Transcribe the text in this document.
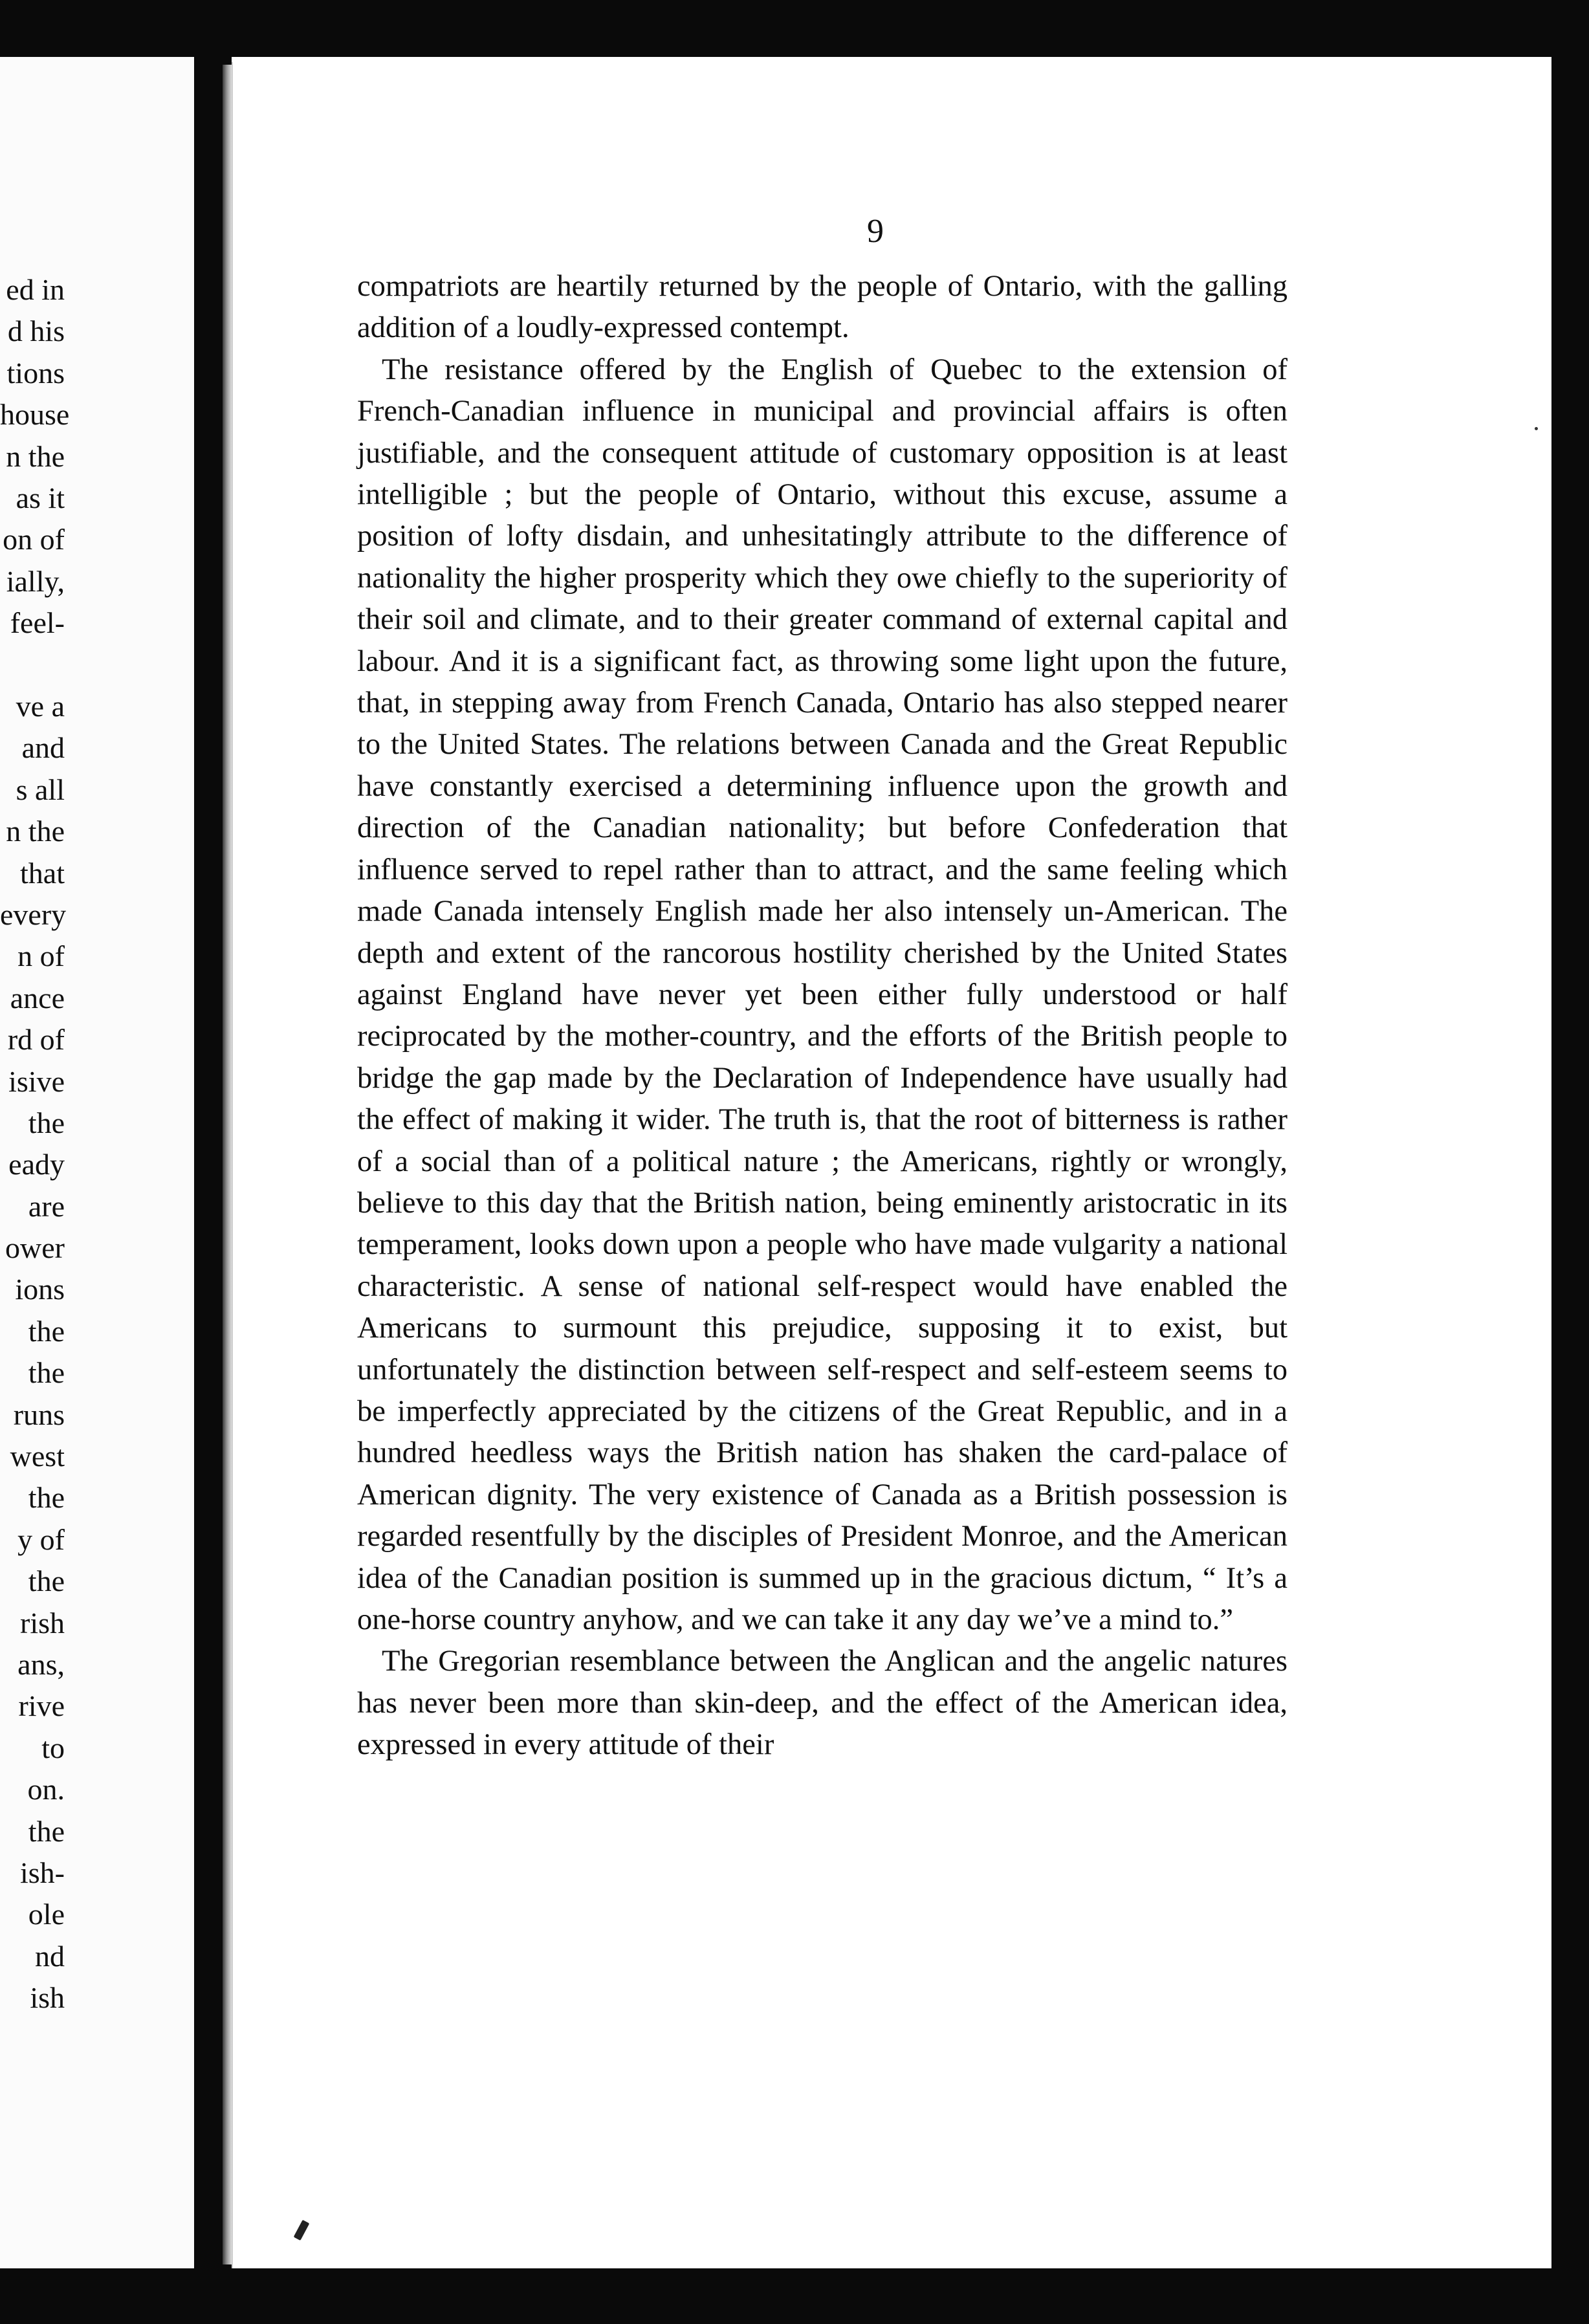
ed in
d his
tions
house
n the
as it
on of
ially,
feel-
ve a
and
s all
n the
that
every
n of
ance
rd of
isive
the
eady
are
ower
ions
the
the
runs
west
the
y of
the
rish
ans,
rive
to
on.
the
ish-
ole
nd
ish
9

compatriots are heartily returned by the people of Ontario, with the galling addition of a loudly-expressed contempt.

The resistance offered by the English of Quebec to the extension of French-Canadian influence in municipal and provincial affairs is often justifiable, and the consequent attitude of customary opposition is at least intelligible ; but the people of Ontario, without this excuse, assume a position of lofty disdain, and unhesitatingly attribute to the difference of nationality the higher prosperity which they owe chiefly to the superiority of their soil and climate, and to their greater command of external capital and labour. And it is a significant fact, as throwing some light upon the future, that, in stepping away from French Canada, Ontario has also stepped nearer to the United States. The relations between Canada and the Great Republic have constantly exercised a determining influence upon the growth and direction of the Canadian nationality; but before Confederation that influence served to repel rather than to attract, and the same feeling which made Canada intensely English made her also intensely un-American. The depth and extent of the rancorous hostility cherished by the United States against England have never yet been either fully understood or half reciprocated by the mother-country, and the efforts of the British people to bridge the gap made by the Declaration of Independence have usually had the effect of making it wider. The truth is, that the root of bitterness is rather of a social than of a political nature ; the Americans, rightly or wrongly, believe to this day that the British nation, being eminently aristocratic in its temperament, looks down upon a people who have made vulgarity a national characteristic. A sense of national self-respect would have enabled the Americans to surmount this prejudice, supposing it to exist, but unfortunately the distinction between self-respect and self-esteem seems to be imperfectly appreciated by the citizens of the Great Republic, and in a hundred heedless ways the British nation has shaken the card-palace of American dignity. The very existence of Canada as a British possession is regarded resentfully by the disciples of President Monroe, and the American idea of the Canadian position is summed up in the gracious dictum, “ It’s a one-horse country anyhow, and we can take it any day we’ve a mind to.”

The Gregorian resemblance between the Anglican and the angelic natures has never been more than skin-deep, and the effect of the American idea, expressed in every attitude of their
